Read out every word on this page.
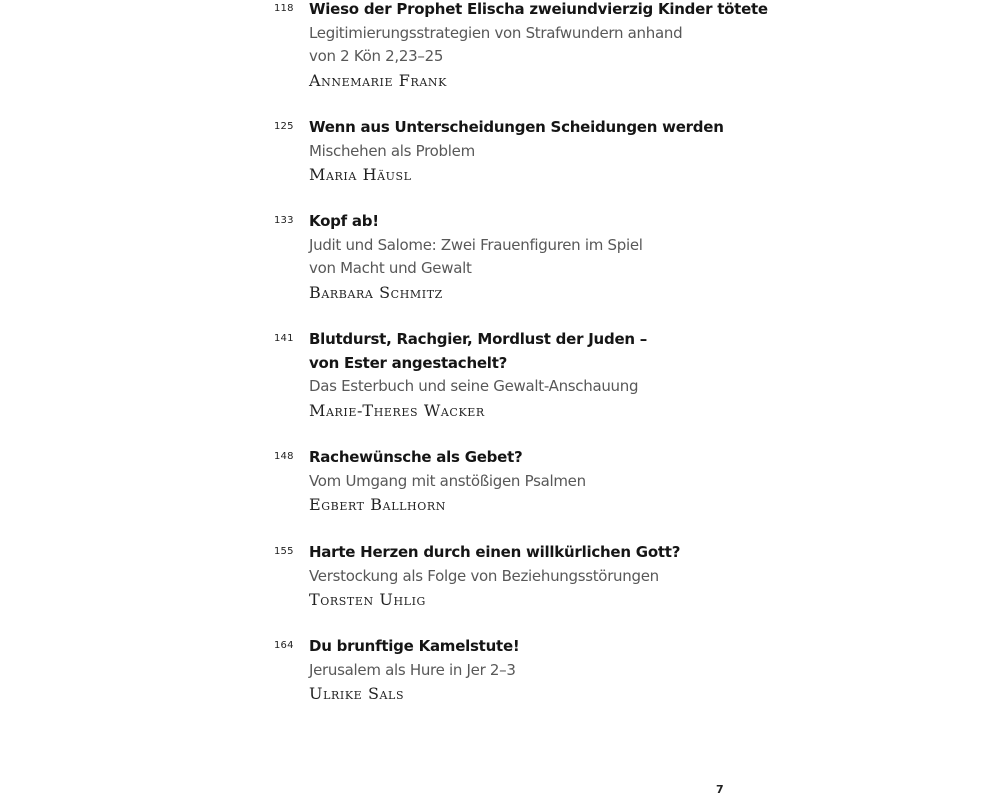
118 Wieso der Prophet Elischa zweiundvierzig Kinder tötete
Legitimierungsstrategien von Strafwundern anhand
von 2 Kön 2,23–25
Annemarie Frank
125 Wenn aus Unterscheidungen Scheidungen werden
Mischehen als Problem
Maria Häusl
133 Kopf ab!
Judit und Salome: Zwei Frauenfiguren im Spiel
von Macht und Gewalt
Barbara Schmitz
141 Blutdurst, Rachgier, Mordlust der Juden –
von Ester angestachelt?
Das Esterbuch und seine Gewalt-Anschauung
Marie-Theres Wacker
148 Rachewünsche als Gebet?
Vom Umgang mit anstößigen Psalmen
Egbert Ballhorn
155 Harte Herzen durch einen willkürlichen Gott?
Verstockung als Folge von Beziehungsstörungen
Torsten Uhlig
164 Du brunftige Kamelstute!
Jerusalem als Hure in Jer 2–3
Ulrike Sals
7
